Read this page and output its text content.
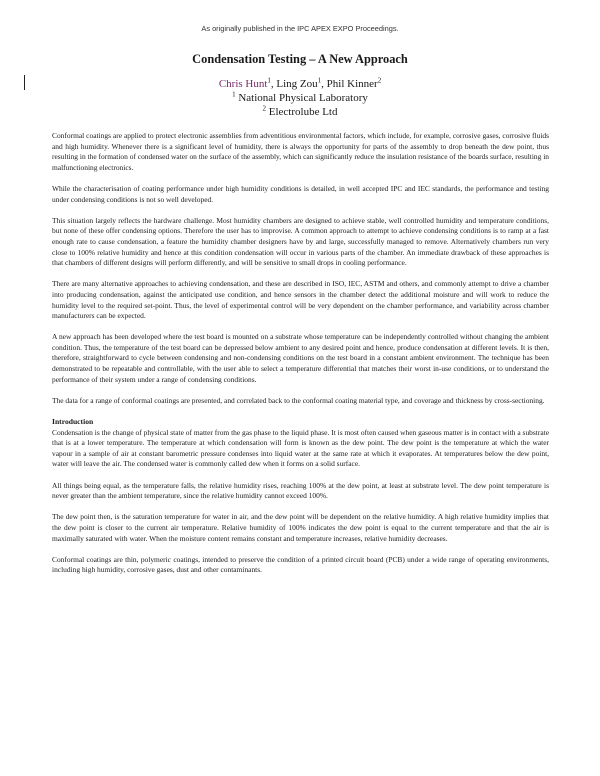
As originally published in the IPC APEX EXPO Proceedings.
Condensation Testing – A New Approach
Chris Hunt$^1$, Ling Zou$^1$, Phil Kinner$^2$
$^1$ National Physical Laboratory
$^2$ Electrolube Ltd

Conformal coatings are applied to protect electronic assemblies from adventitious environmental factors, which include, for example, corrosive gases, corrosive fluids and high humidity. Whenever there is a significant level of humidity, there is always the opportunity for parts of the assembly to drop beneath the dew point, thus resulting in the formation of condensed water on the surface of the assembly, which can significantly reduce the insulation resistance of the boards surface, resulting in malfunctioning electronics.

While the characterisation of coating performance under high humidity conditions is detailed, in well accepted IPC and IEC standards, the performance and testing under condensing conditions is not so well developed.

This situation largely reflects the hardware challenge. Most humidity chambers are designed to achieve stable, well controlled humidity and temperature conditions, but none of these offer condensing options. Therefore the user has to improvise. A common approach to attempt to achieve condensing conditions is to ramp at a fast enough rate to cause condensation, a feature the humidity chamber designers have by and large, successfully managed to remove. Alternatively chambers run very close to 100% relative humidity and hence at this condition condensation will occur in various parts of the chamber. An immediate drawback of these approaches is that chambers of different designs will perform differently, and will be sensitive to small drops in cooling performance.

There are many alternative approaches to achieving condensation, and these are described in ISO, IEC, ASTM and others, and commonly attempt to drive a chamber into producing condensation, against the anticipated use condition, and hence sensors in the chamber detect the additional moisture and will work to reduce the humidity level to the required set-point. Thus, the level of experimental control will be very dependent on the chamber performance, and variability across chamber manufacturers can be expected.

A new approach has been developed where the test board is mounted on a substrate whose temperature can be independently controlled without changing the ambient condition. Thus, the temperature of the test board can be depressed below ambient to any desired point and hence, produce condensation at different levels. It is then, therefore, straightforward to cycle between condensing and non-condensing conditions on the test board in a constant ambient environment. The technique has been demonstrated to be repeatable and controllable, with the user able to select a temperature differential that matches their worst in-use conditions, or to understand the performance of their system under a range of condensing conditions.

The data for a range of conformal coatings are presented, and correlated back to the conformal coating material type, and coverage and thickness by cross-sectioning.

Introduction

Condensation is the change of physical state of matter from the gas phase to the liquid phase. It is most often caused when gaseous matter is in contact with a substrate that is at a lower temperature. The temperature at which condensation will form is known as the dew point. The dew point is the temperature at which the water vapour in a sample of air at constant barometric pressure condenses into liquid water at the same rate at which it evaporates. At temperatures below the dew point, water will leave the air. The condensed water is commonly called dew when it forms on a solid surface.

All things being equal, as the temperature falls, the relative humidity rises, reaching 100% at the dew point, at least at substrate level. The dew point temperature is never greater than the ambient temperature, since the relative humidity cannot exceed 100%.

The dew point then, is the saturation temperature for water in air, and the dew point will be dependent on the relative humidity. A high relative humidity implies that the dew point is closer to the current air temperature. Relative humidity of 100% indicates the dew point is equal to the current temperature and that the air is maximally saturated with water. When the moisture content remains constant and temperature increases, relative humidity decreases.

Conformal coatings are thin, polymeric coatings, intended to preserve the condition of a printed circuit board (PCB) under a wide range of operating environments, including high humidity, corrosive gases, dust and other contaminants.
